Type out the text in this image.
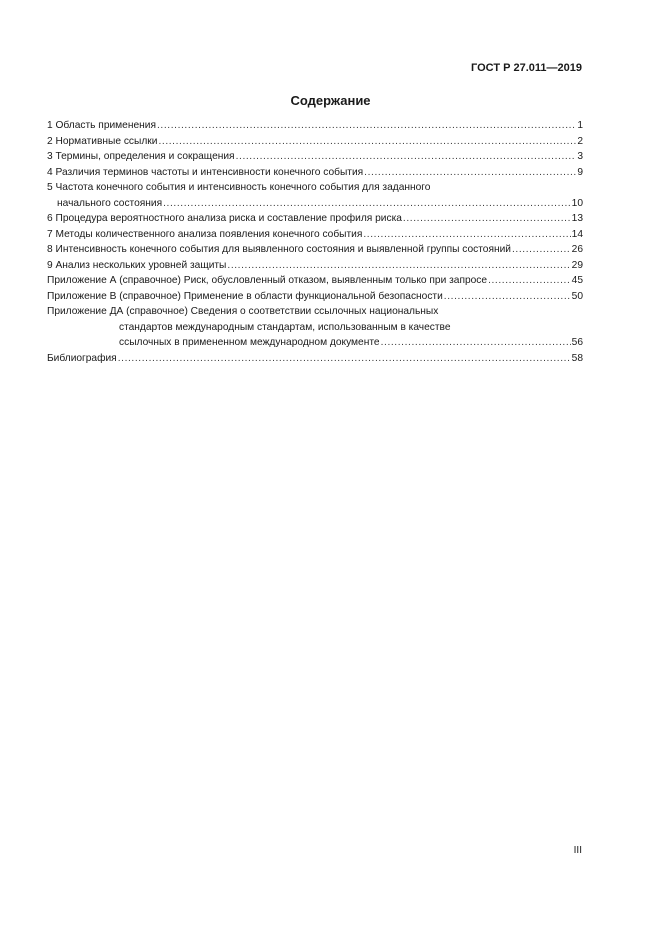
ГОСТ Р 27.011—2019
Содержание
1 Область применения .....	1
2 Нормативные ссылки .....	2
3 Термины, определения и сокращения .....	3
4 Различия терминов частоты и интенсивности конечного события .....	9
5 Частота конечного события и интенсивность конечного события для заданного
начального состояния .....	10
6 Процедура вероятностного анализа риска и составление профиля риска .....	13
7 Методы количественного анализа появления конечного события .....	14
8 Интенсивность конечного события для выявленного состояния и выявленной группы состояний .....	26
9 Анализ нескольких уровней защиты .....	29
Приложение А (справочное) Риск, обусловленный отказом, выявленным только при запросе .....	45
Приложение В (справочное) Применение в области функциональной безопасности .....	50
Приложение ДА (справочное) Сведения о соответствии ссылочных национальных
стандартов международным стандартам, использованным в качестве
ссылочных в примененном международном документе .....	56
Библиография .....	58
III
